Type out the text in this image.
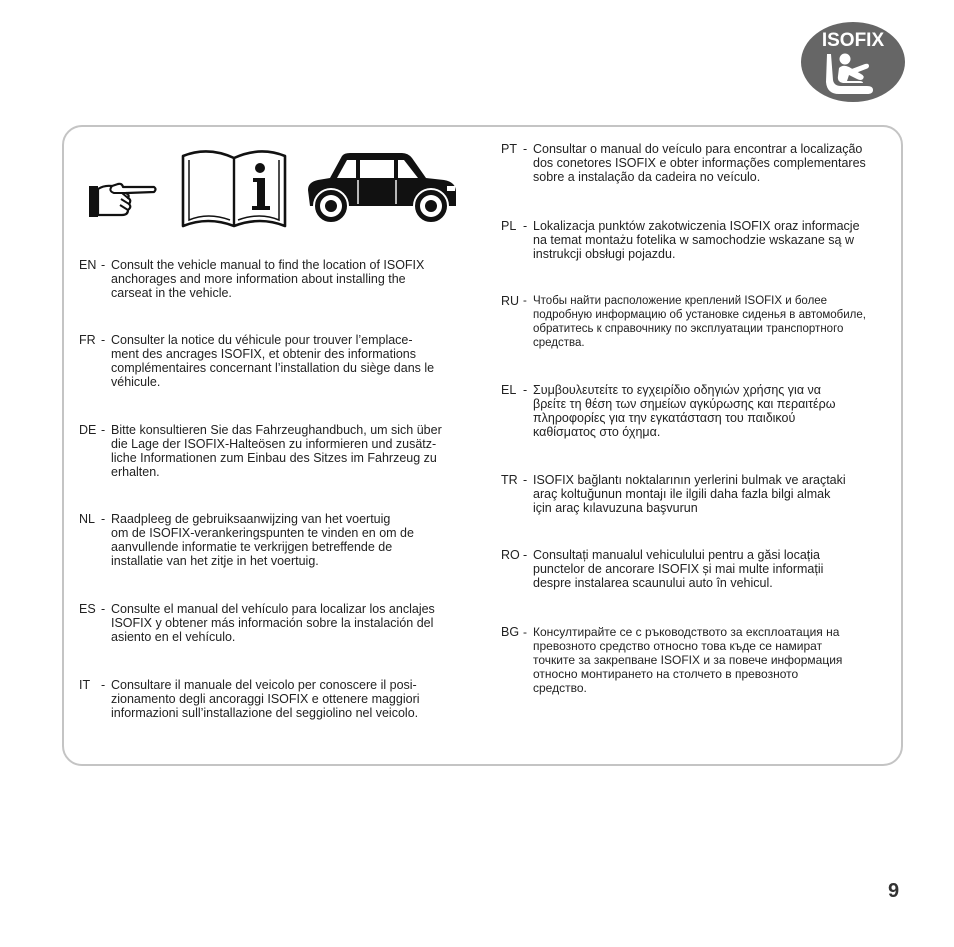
ISOFIX
EN - Consult the vehicle manual to find the location of ISOFIX
anchorages and more information about installing the
carseat in the vehicle.
FR - Consulter la notice du véhicule pour trouver l’emplace-
ment des ancrages ISOFIX, et obtenir des informations
complémentaires concernant l’installation du siège dans le
véhicule.
DE - Bitte konsultieren Sie das Fahrzeughandbuch, um sich über
die Lage der ISOFIX-Halteösen zu informieren und zusätz-
liche Informationen zum Einbau des Sitzes im Fahrzeug zu
erhalten.
NL - Raadpleeg de gebruiksaanwijzing van het voertuig
om de ISOFIX-verankeringspunten te vinden en om de
aanvullende informatie te verkrijgen betreffende de
installatie van het zitje in het voertuig.
ES - Consulte el manual del vehículo para localizar los anclajes
ISOFIX y obtener más información sobre la instalación del
asiento en el vehículo.
IT - Consultare il manuale del veicolo per conoscere il posi-
zionamento degli ancoraggi ISOFIX e ottenere maggiori
informazioni sull’installazione del seggiolino nel veicolo.
PT - Consultar o manual do veículo para encontrar a localização
dos conetores ISOFIX e obter informações complementares
sobre a instalação da cadeira no veículo.
PL - Lokalizacja punktów zakotwiczenia ISOFIX oraz informacje
na temat montażu fotelika w samochodzie wskazane są w
instrukcji obsługi pojazdu.
RU - Чтобы найти расположение креплений ISOFIX и более
подробную информацию об установке сиденья в автомобиле,
обратитесь к справочнику по эксплуатации транспортного
средства.
EL - Συμβουλευτείτε το εγχειρίδιο οδηγιών χρήσης για να
βρείτε τη θέση των σημείων αγκύρωσης και περαιτέρω
πληροφορίες για την εγκατάσταση του παιδικού
καθίσματος στο όχημα.
TR - ISOFIX bağlantı noktalarının yerlerini bulmak ve araçtaki
araç koltuğunun montajı ile ilgili daha fazla bilgi almak
için araç kılavuzuna başvurun
RO - Consultați manualul vehiculului pentru a găsi locația
punctelor de ancorare ISOFIX și mai multe informații
despre instalarea scaunului auto în vehicul.
BG - Консултирайте се с ръководството за експлоатация на
превозното средство относно това къде се намират
точките за закрепване ISOFIX и за повече информация
относно монтирането на столчето в превозното
средство.
9
